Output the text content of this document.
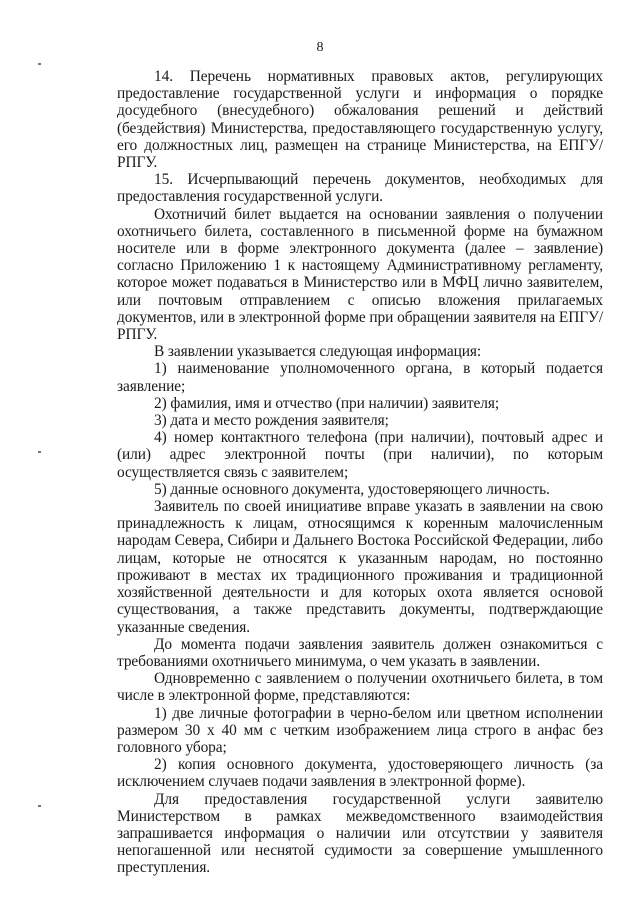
8

14. Перечень нормативных правовых актов, регулирующих предоставление государственной услуги и информация о порядке досудебного (внесудебного) обжалования решений и действий (бездействия) Министерства, предоставляющего государственную услугу, его должностных лиц, размещен на странице Министерства, на ЕПГУ/РПГУ.

15. Исчерпывающий перечень документов, необходимых для предоставления государственной услуги.

Охотничий билет выдается на основании заявления о получении охотничьего билета, составленного в письменной форме на бумажном носителе или в форме электронного документа (далее – заявление) согласно Приложению 1 к настоящему Административному регламенту, которое может подаваться в Министерство или в МФЦ лично заявителем, или почтовым отправлением с описью вложения прилагаемых документов, или в электронной форме при обращении заявителя на ЕПГУ/РПГУ.

В заявлении указывается следующая информация:

1) наименование уполномоченного органа, в который подается заявление;

2) фамилия, имя и отчество (при наличии) заявителя;

3) дата и место рождения заявителя;

4) номер контактного телефона (при наличии), почтовый адрес и (или) адрес электронной почты (при наличии), по которым осуществляется связь с заявителем;

5) данные основного документа, удостоверяющего личность.

Заявитель по своей инициативе вправе указать в заявлении на свою принадлежность к лицам, относящимся к коренным малочисленным народам Севера, Сибири и Дальнего Востока Российской Федерации, либо лицам, которые не относятся к указанным народам, но постоянно проживают в местах их традиционного проживания и традиционной хозяйственной деятельности и для которых охота является основой существования, а также представить документы, подтверждающие указанные сведения.

До момента подачи заявления заявитель должен ознакомиться с требованиями охотничьего минимума, о чем указать в заявлении.

Одновременно с заявлением о получении охотничьего билета, в том числе в электронной форме, представляются:

1) две личные фотографии в черно-белом или цветном исполнении размером 30 x 40 мм с четким изображением лица строго в анфас без головного убора;

2) копия основного документа, удостоверяющего личность (за исключением случаев подачи заявления в электронной форме).

Для предоставления государственной услуги заявителю Министерством в рамках межведомственного взаимодействия запрашивается информация о наличии или отсутствии у заявителя непогашенной или неснятой судимости за совершение умышленного преступления.
